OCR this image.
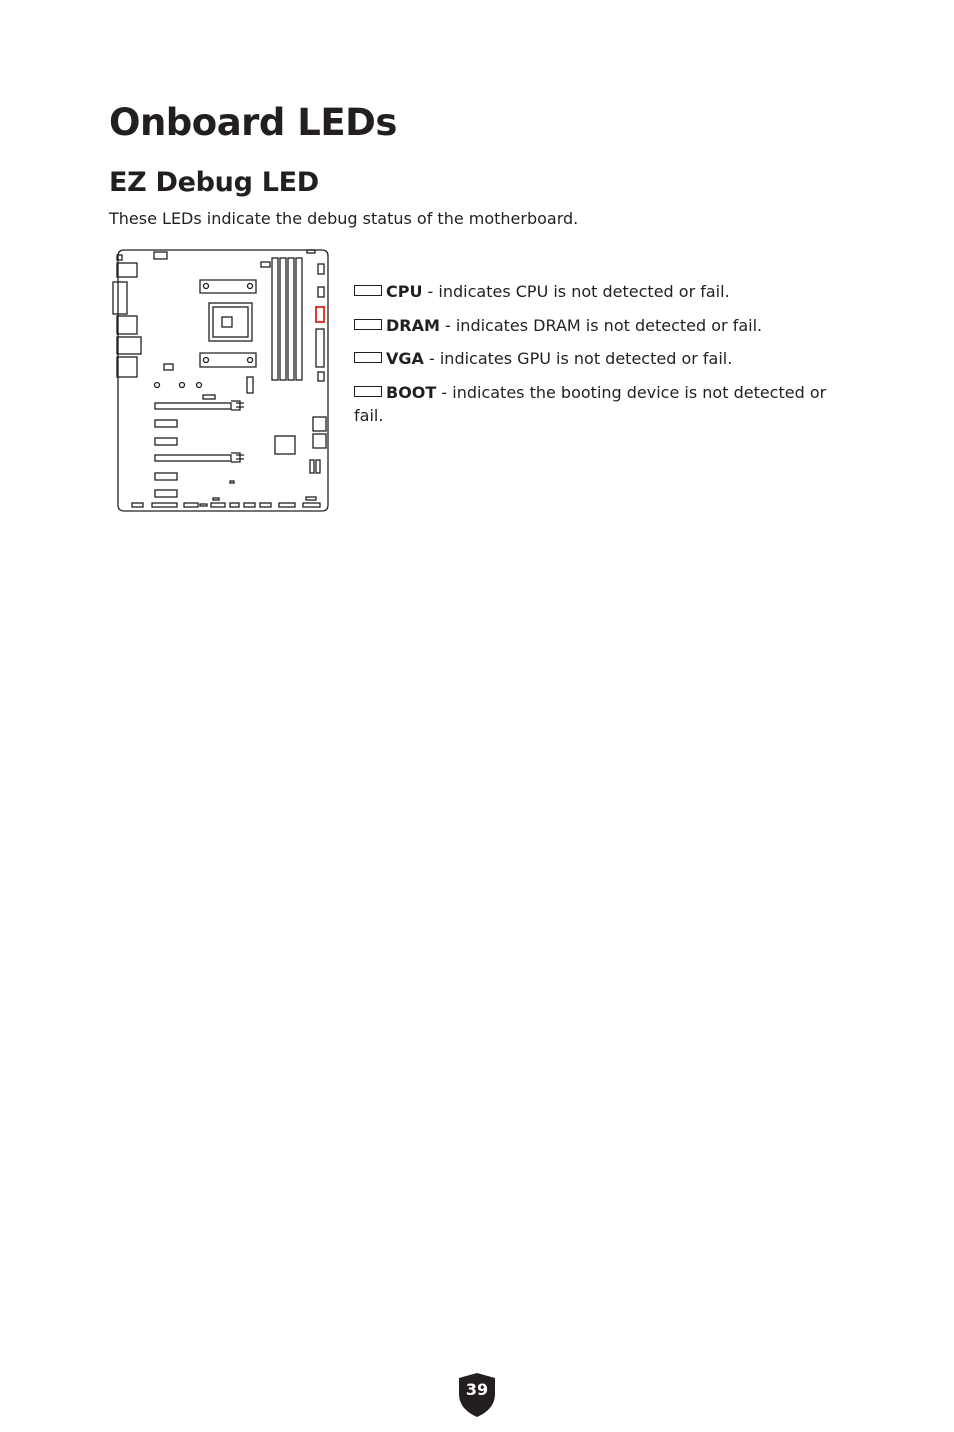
Onboard LEDs
EZ Debug LED

These LEDs indicate the debug status of the motherboard.

CPU - indicates CPU is not detected or fail.
DRAM - indicates DRAM is not detected or fail.
VGA - indicates GPU is not detected or fail.
BOOT - indicates the booting device is not detected or fail.
39
